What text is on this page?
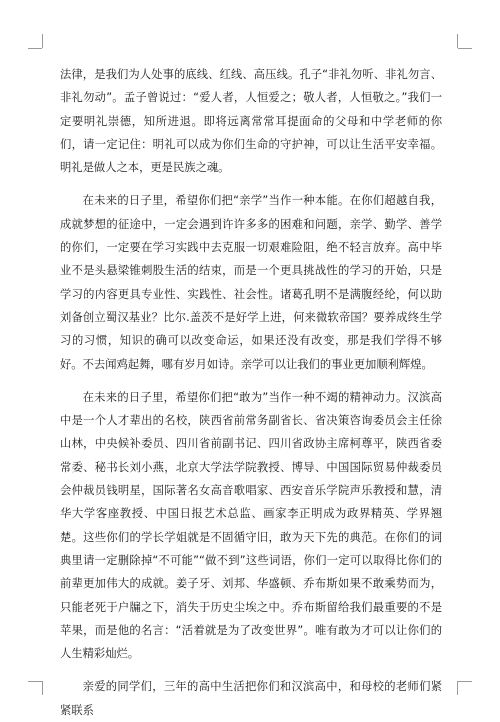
法律，是我们为人处事的底线、红线、高压线。孔子“非礼勿听、非礼勿言、非礼勿动”。孟子曾说过：“爱人者，人恒爱之；敬人者，人恒敬之。”我们一定要明礼崇德，知所进退。即将远离常常耳提面命的父母和中学老师的你们，请一定记住：明礼可以成为你们生命的守护神，可以让生活平安幸福。明礼是做人之本，更是民族之魂。

在未来的日子里，希望你们把“亲学”当作一种本能。在你们超越自我，成就梦想的征途中，一定会遇到许许多多的困难和问题，亲学、勤学、善学的你们，一定要在学习实践中去克服一切艰难险阻，绝不轻言放弃。高中毕业不是头悬梁锥刺股生活的结束，而是一个更具挑战性的学习的开始，只是学习的内容更具专业性、实践性、社会性。诸葛孔明不是满腹经纶，何以助刘备创立蜀汉基业？比尔.盖茨不是好学上进，何来微软帝国？要养成终生学习的习惯，知识的确可以改变命运，如果还没有改变，那是我们学得不够好。不去闻鸡起舞，哪有岁月如诗。亲学可以让我们的事业更加顺利辉煌。

在未来的日子里，希望你们把“敢为”当作一种不竭的精神动力。汉滨高中是一个人才辈出的名校，陕西省前常务副省长、省决策咨询委员会主任徐山林，中央候补委员、四川省前副书记、四川省政协主席柯尊平，陕西省委常委、秘书长刘小燕，北京大学法学院教授、博导、中国国际贸易仲裁委员会仲裁员钱明星，国际著名女高音歌唱家、西安音乐学院声乐教授和慧，清华大学客座教授、中国日报艺术总监、画家李正明成为政界精英、学界翘楚。这些你们的学长学姐就是不固循守旧，敢为天下先的典范。在你们的词典里请一定删除掉“不可能”“做不到”这些词语，你们一定可以取得比你们的前辈更加伟大的成就。姜子牙、刘邦、华盛顿、乔布斯如果不敢乘势而为，只能老死于户牖之下，消失于历史尘埃之中。乔布斯留给我们最重要的不是苹果，而是他的名言：“活着就是为了改变世界”。唯有敢为才可以让你们的人生精彩灿烂。

亲爱的同学们，三年的高中生活把你们和汉滨高中，和母校的老师们紧紧联系
